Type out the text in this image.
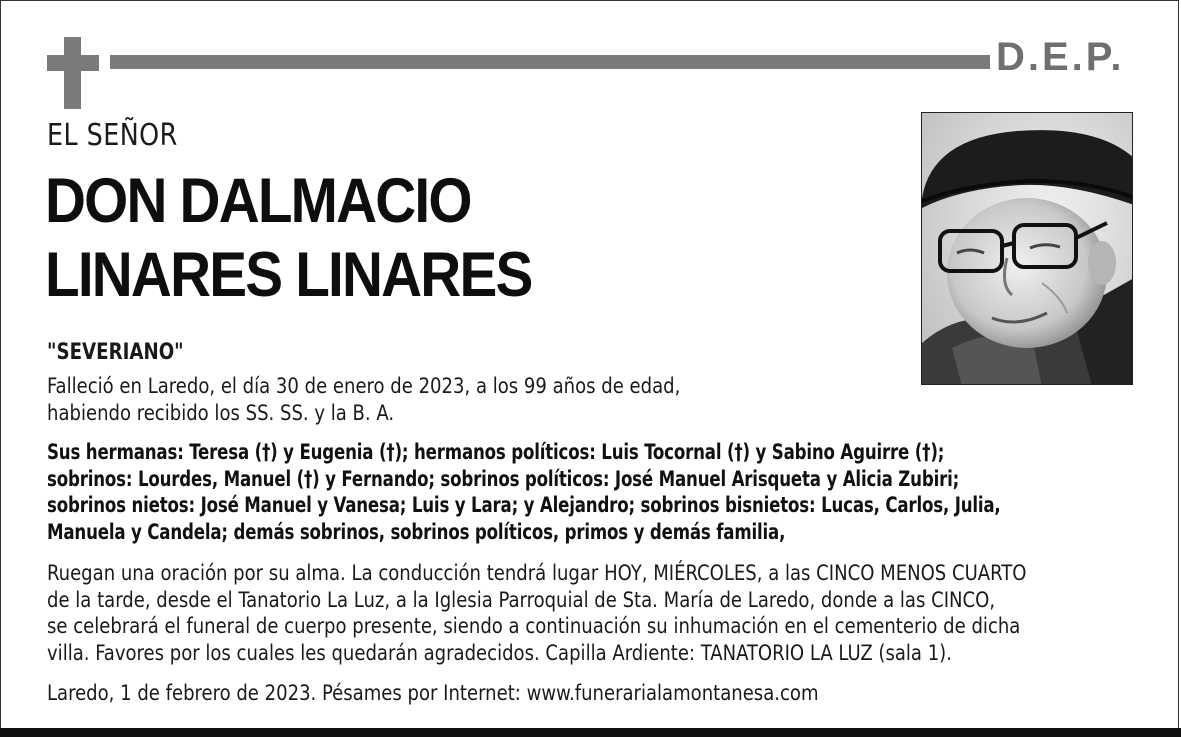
D.E.P.
EL SEÑOR
DON DALMACIO
LINARES LINARES
"SEVERIANO"
Falleció en Laredo, el día 30 de enero de 2023, a los 99 años de edad,
habiendo recibido los SS. SS. y la B. A.
Sus hermanas: Teresa (†) y Eugenia (†); hermanos políticos: Luis Tocornal (†) y Sabino Aguirre (†);
sobrinos: Lourdes, Manuel (†) y Fernando; sobrinos políticos: José Manuel Arisqueta y Alicia Zubiri;
sobrinos nietos: José Manuel y Vanesa; Luis y Lara; y Alejandro; sobrinos bisnietos: Lucas, Carlos, Julia,
Manuela y Candela; demás sobrinos, sobrinos políticos, primos y demás familia,
Ruegan una oración por su alma. La conducción tendrá lugar HOY, MIÉRCOLES, a las CINCO MENOS CUARTO
de la tarde, desde el Tanatorio La Luz, a la Iglesia Parroquial de Sta. María de Laredo, donde a las CINCO,
se celebrará el funeral de cuerpo presente, siendo a continuación su inhumación en el cementerio de dicha
villa. Favores por los cuales les quedarán agradecidos. Capilla Ardiente: TANATORIO LA LUZ (sala 1).
Laredo, 1 de febrero de 2023. Pésames por Internet: www.funerarialamontanesa.com
